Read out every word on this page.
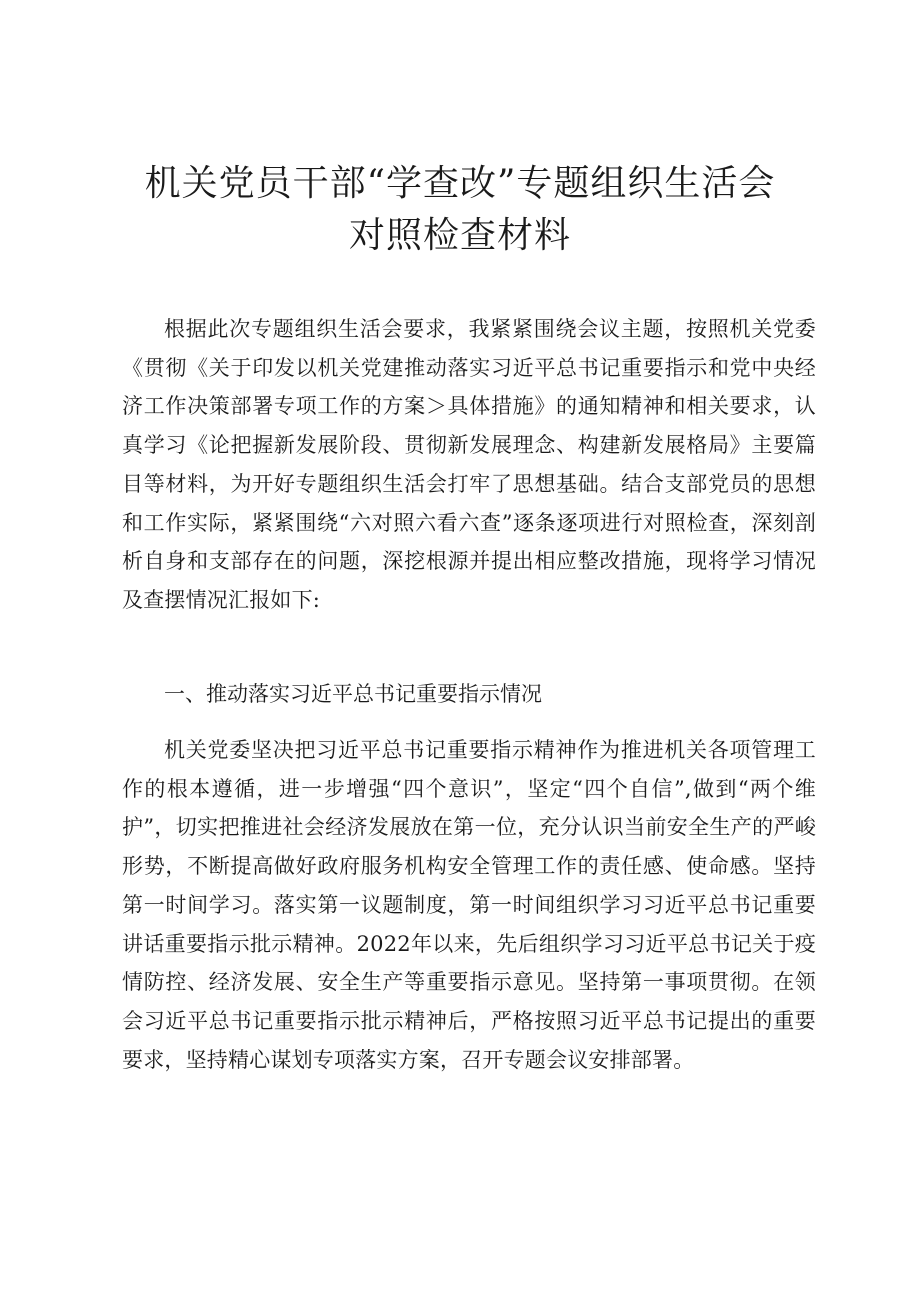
机关党员干部“学查改”专题组织生活会
对照检查材料

根据此次专题组织生活会要求，我紧紧围绕会议主题，按照机关党委《贯彻《关于印发以机关党建推动落实习近平总书记重要指示和党中央经济工作决策部署专项工作的方案＞具体措施》的通知精神和相关要求，认真学习《论把握新发展阶段、贯彻新发展理念、构建新发展格局》主要篇目等材料，为开好专题组织生活会打牢了思想基础。结合支部党员的思想和工作实际，紧紧围绕“六对照六看六查”逐条逐项进行对照检查，深刻剖析自身和支部存在的问题，深挖根源并提出相应整改措施，现将学习情况及查摆情况汇报如下:

一、推动落实习近平总书记重要指示情况

机关党委坚决把习近平总书记重要指示精神作为推进机关各项管理工作的根本遵循，进一步增强“四个意识”，坚定“四个自信”,做到“两个维护”，切实把推进社会经济发展放在第一位，充分认识当前安全生产的严峻形势，不断提高做好政府服务机构安全管理工作的责任感、使命感。坚持第一时间学习。落实第一议题制度，第一时间组织学习习近平总书记重要讲话重要指示批示精神。2022年以来，先后组织学习习近平总书记关于疫情防控、经济发展、安全生产等重要指示意见。坚持第一事项贯彻。在领会习近平总书记重要指示批示精神后，严格按照习近平总书记提出的重要要求，坚持精心谋划专项落实方案，召开专题会议安排部署。
